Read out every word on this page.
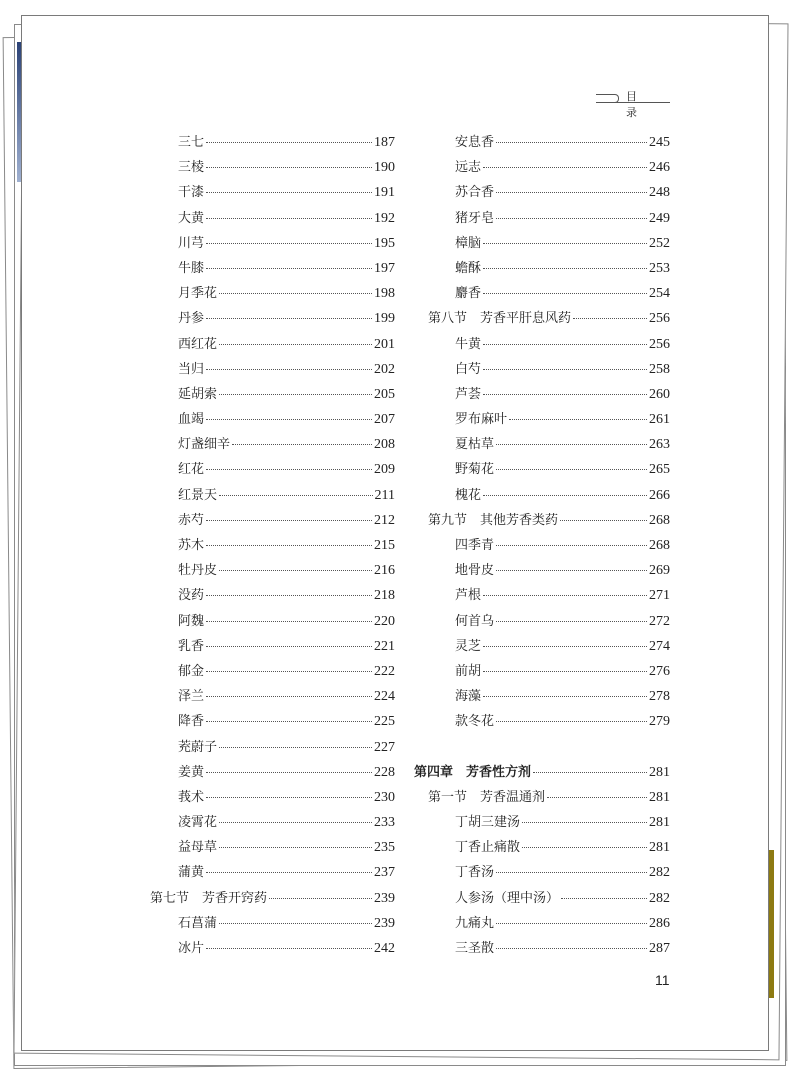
目录
三七	187
三棱	190
干漆	191
大黄	192
川芎	195
牛膝	197
月季花	198
丹参	199
西红花	201
当归	202
延胡索	205
血竭	207
灯盏细辛	208
红花	209
红景天	211
赤芍	212
苏木	215
牡丹皮	216
没药	218
阿魏	220
乳香	221
郁金	222
泽兰	224
降香	225
茺蔚子	227
姜黄	228
莪术	230
凌霄花	233
益母草	235
蒲黄	237
第七节　芳香开窍药	239
石菖蒲	239
冰片	242
安息香	245
远志	246
苏合香	248
猪牙皂	249
樟脑	252
蟾酥	253
麝香	254
第八节　芳香平肝息风药	256
牛黄	256
白芍	258
芦荟	260
罗布麻叶	261
夏枯草	263
野菊花	265
槐花	266
第九节　其他芳香类药	268
四季青	268
地骨皮	269
芦根	271
何首乌	272
灵芝	274
前胡	276
海藻	278
款冬花	279
第四章　芳香性方剂	281
第一节　芳香温通剂	281
丁胡三建汤	281
丁香止痛散	281
丁香汤	282
人参汤（理中汤）	282
九痛丸	286
三圣散	287
11
